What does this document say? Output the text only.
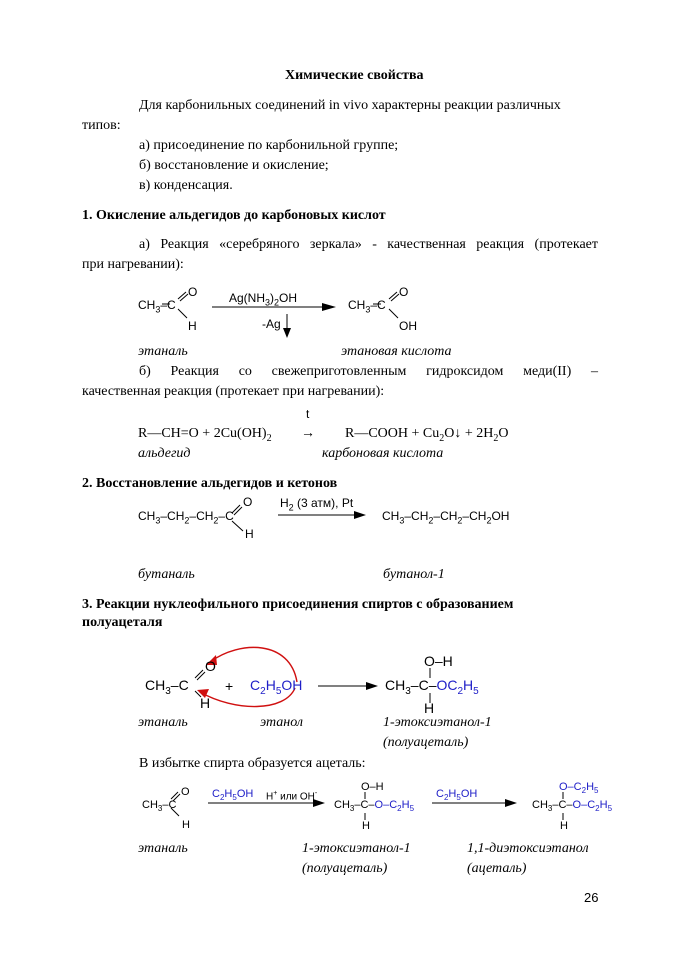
Химические свойства
Для карбонильных соединений in vivo характерны реакции различных
типов:
а) присоединение по карбонильной группе;
б) восстановление и окисление;
в) конденсация.
1. Окисление альдегидов до карбоновых кислот
а) Реакция «серебряного зеркала» - качественная реакция (протекает
при нагревании):
$CH_3-C$
O
H
$Ag(NH_3)_2OH$
-Ag
$CH_3-C$
O
OH
этаналь	этановая кислота
б) Реакция со свежеприготовленным гидроксидом меди(II) –
качественная реакция (протекает при нагревании):
t
R—CH=O + $2Cu(OH)_2$ → R—COOH + $Cu_2O↓ + 2H_2O$
альдегид	карбоновая кислота
2. Восстановление альдегидов и кетонов
$CH_3-CH_2-CH_2-C$
O
H
$H_2$ (3 атм), Pt
$CH_3-CH_2-CH_2-CH_2OH$
бутаналь	бутанол-1
3. Реакции нуклеофильного присоединения спиртов с образованием
полуацеталя
$CH_3-C$
O
H
+ $C_2H_5OH$
O–H
$CH_3-C-OC_2H_5$
H
этаналь	этанол	1-этоксиэтанол-1
(полуацеталь)
В избытке спирта образуется ацеталь:
$CH_3-C$
O
H
$C_2H_5OH$ H+ или OH-
O–H
$CH_3-C-O-C_2H_5$
H
$C_2H_5OH$
$O-C_2H_5$
$CH_3-C-O-C_2H_5$
H
этаналь	1-этоксиэтанол-1
(полуацеталь)
1,1-диэтоксиэтанол
(ацеталь)
26
